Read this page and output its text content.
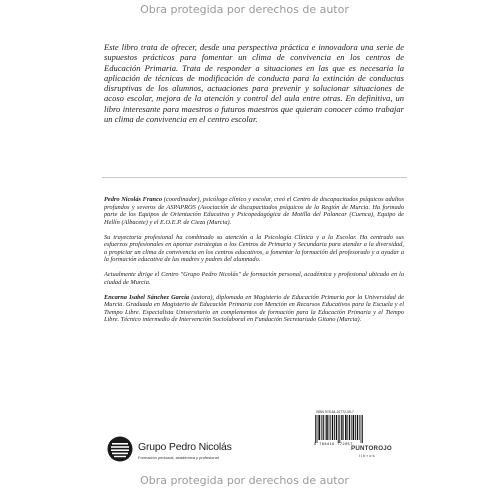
Obra protegida por derechos de autor

Este libro trata de ofrecer, desde una perspectiva práctica e innovadora una serie de supuestos prácticos para fomentar un clima de convivencia en los centros de Educación Primaria. Trata de responder a situaciones en las que es necesaria la aplicación de técnicas de modificación de conducta para la extinción de conductas disruptivas de los alumnos, actuaciones para prevenir y solucionar situaciones de acoso escolar, mejora de la atención y control del aula entre otras. En definitiva, un libro interesante para maestros o futuros maestros que quieran conocer cómo trabajar un clima de convivencia en el centro escolar.

Pedro Nicolás Franco (coordinador), psicólogo clínico y escolar, creó el Centro de discapacitados psíquicos adultos profundos y severos de ASPAPROS (Asociación de discapacitados psíquicos de la Región de Murcia. Ha formado parte de los Equipos de Orientación Educativa y Psicopedagógica de Motilla del Palancar (Cuenca), Equipo de Hellín (Albacete) y el E.O.E.P. de Cieza (Murcia).

Su trayectoria profesional ha combinado su atención a la Psicología Clínica y a la Escolar. Ha centrado sus esfuerzos profesionales en aportar estrategias a los Centros de Primaria y Secundaria para atender a la diversidad, a propiciar un clima de convivencia en los centros educativos, a fomentar la formación del profesorado y a ayudar a la formación educativa de las madres y padres del alumnado.

Actualmente dirige el Centro "Grupo Pedro Nicolás" de formación personal, académica y profesional ubicado en la ciudad de Murcia.

Encarna Isabel Sánchez García (autora), diplomada en Magisterio de Educación Primaria por la Universidad de Murcia. Graduada en Magisterio de Educación Primaria con Mención en Recursos Educativos para la Escuela y el Tiempo Libre. Especialista Universitario en complementos de formación para la Educación Primaria y el Tiempo Libre. Técnico intermedio de Intervención Sociolaboral en Fundación Secretariado Gitano (Murcia).

Grupo Pedro Nicolás
Formación personal, académica y profesional
ISBN 978-84-16772-05-7
9 788416 772057
PUNTOROJO
libros
Obra protegida por derechos de autor
